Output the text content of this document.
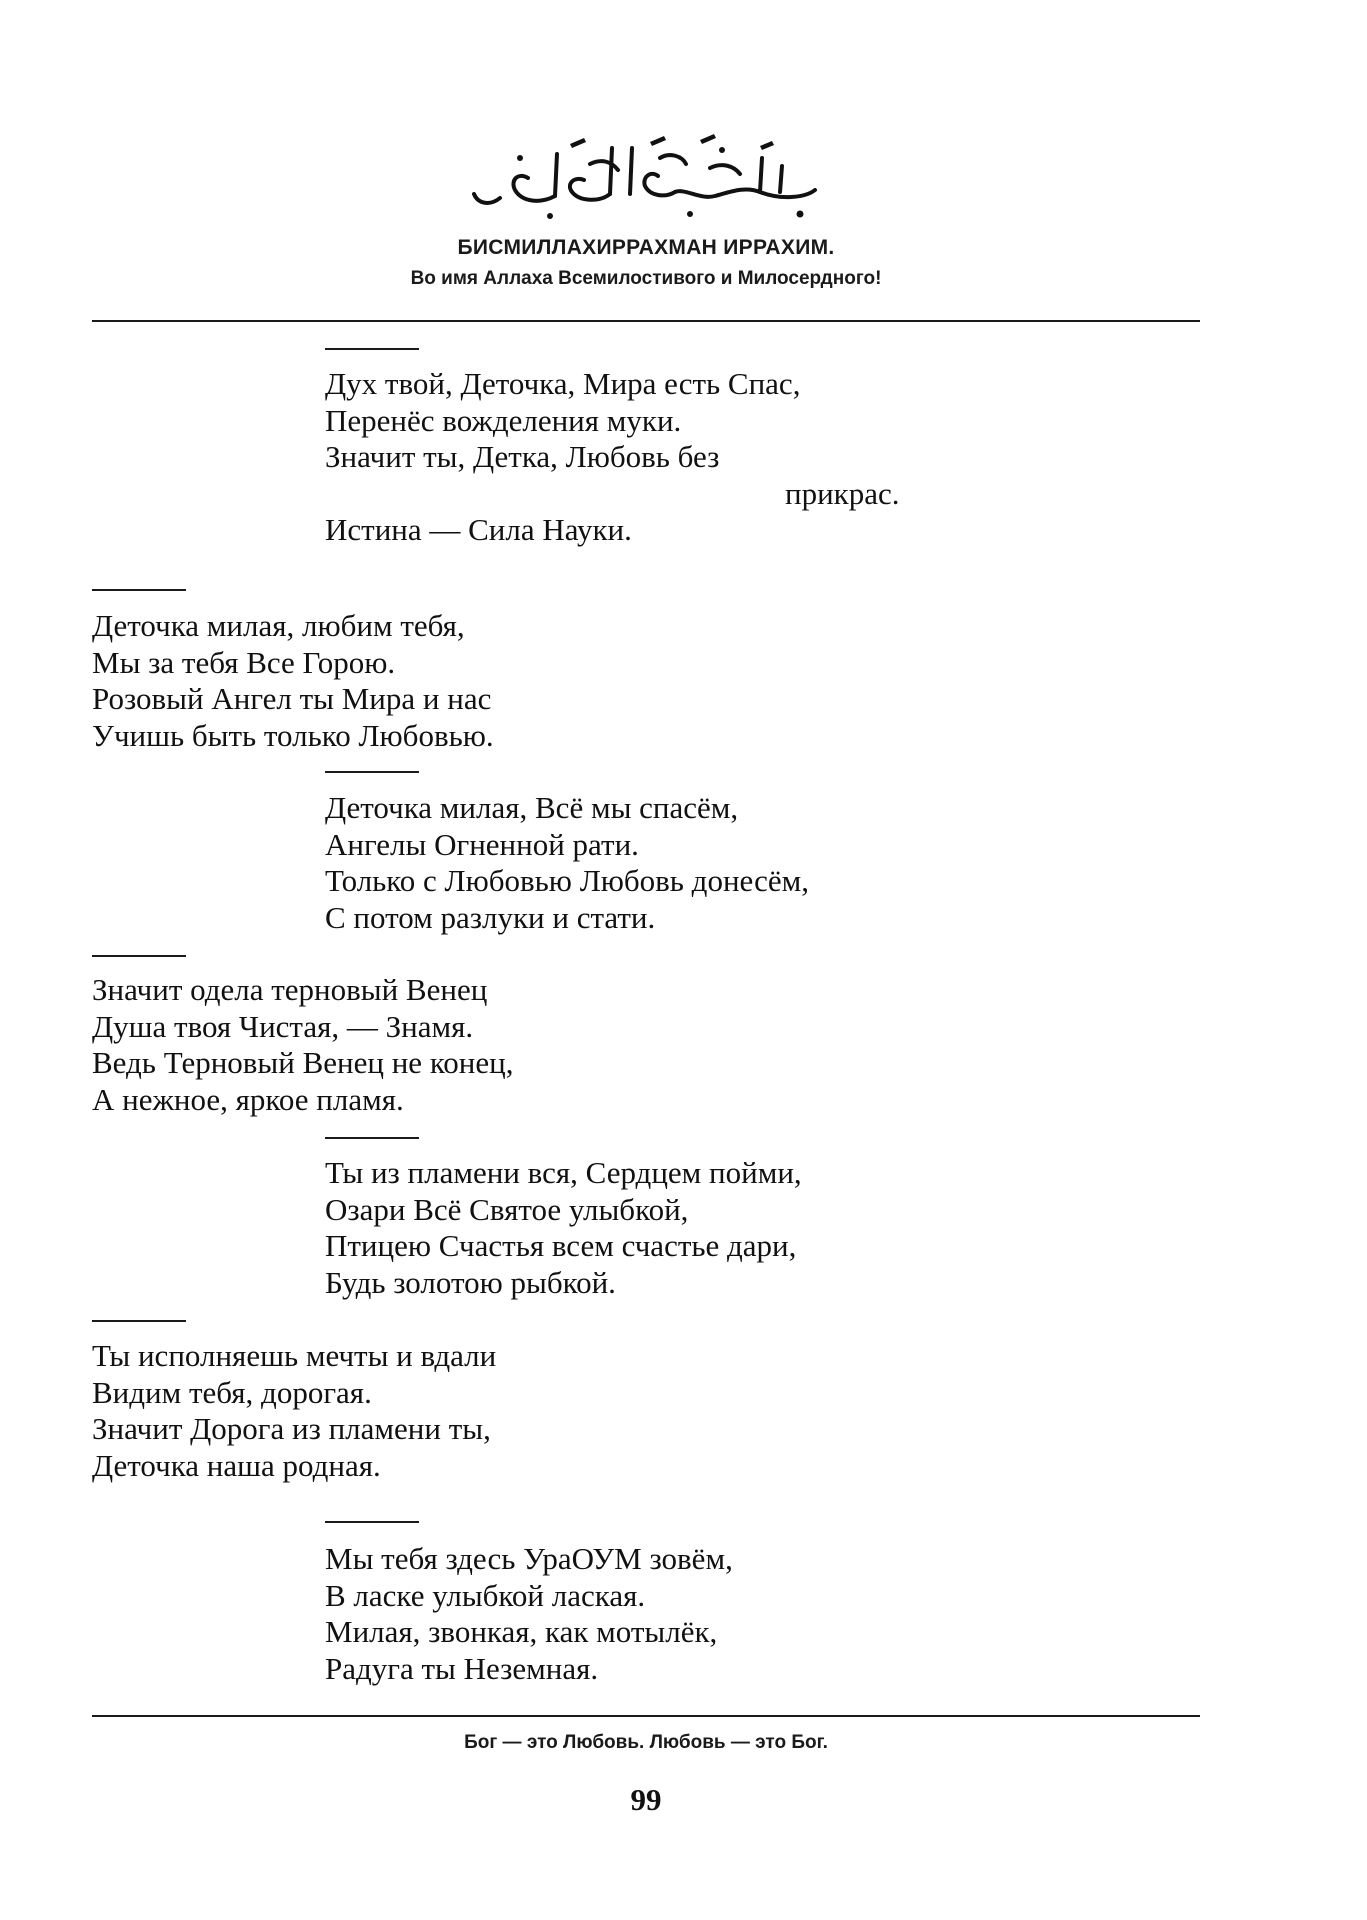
БИСМИЛЛАХИРРАХМАН ИРРАХИМ.
Во имя Аллаха Всемилостивого и Милосердного!
Дух твой, Деточка, Мира есть Спас,
Перенёс вожделения муки.
Значит ты, Детка, Любовь без
прикрас.
Истина — Сила Науки.
Деточка милая, любим тебя,
Мы за тебя Все Горою.
Розовый Ангел ты Мира и нас
Учишь быть только Любовью.
Деточка милая, Всё мы спасём,
Ангелы Огненной рати.
Только с Любовью Любовь донесём,
С потом разлуки и стати.
Значит одела терновый Венец
Душа твоя Чистая, — Знамя.
Ведь Терновый Венец не конец,
А нежное, яркое пламя.
Ты из пламени вся, Сердцем пойми,
Озари Всё Святое улыбкой,
Птицею Счастья всем счастье дари,
Будь золотою рыбкой.
Ты исполняешь мечты и вдали
Видим тебя, дорогая.
Значит Дорога из пламени ты,
Деточка наша родная.
Мы тебя здесь УраОУМ зовём,
В ласке улыбкой лаская.
Милая, звонкая, как мотылёк,
Радуга ты Неземная.
Бог — это Любовь. Любовь — это Бог.
99
